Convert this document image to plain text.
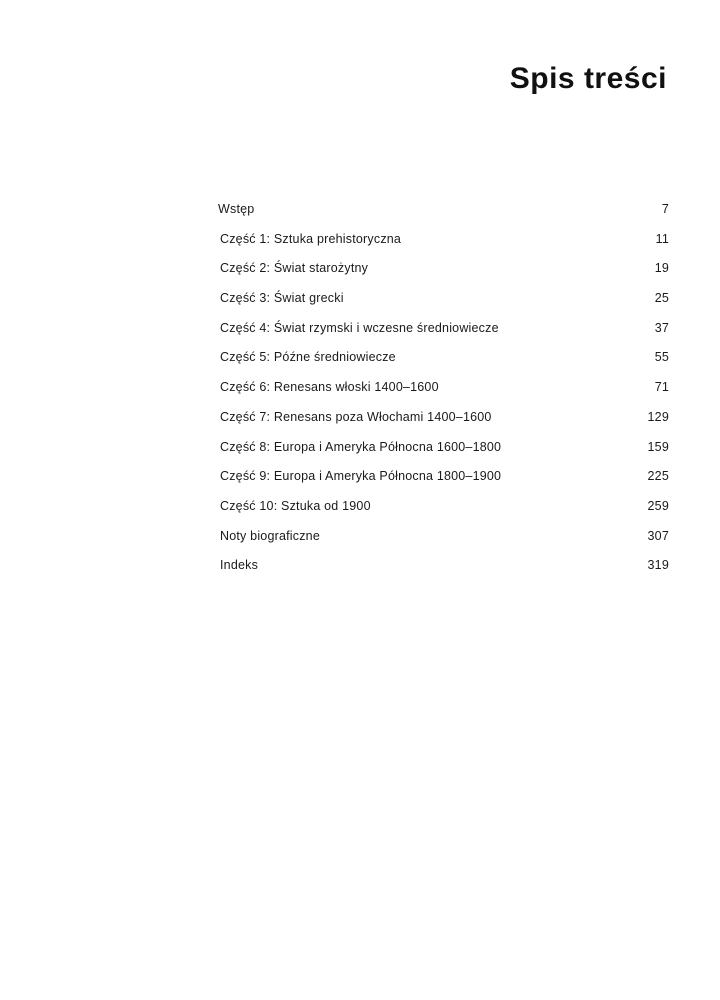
Spis treści
Wstęp	7
Część 1: Sztuka prehistoryczna	11
Część 2: Świat starożytny	19
Część 3: Świat grecki	25
Część 4: Świat rzymski i wczesne średniowiecze	37
Część 5: Późne średniowiecze	55
Część 6: Renesans włoski 1400–1600	71
Część 7: Renesans poza Włochami 1400–1600	129
Część 8: Europa i Ameryka Północna 1600–1800	159
Część 9: Europa i Ameryka Północna 1800–1900	225
Część 10: Sztuka od 1900	259
Noty biograficzne	307
Indeks	319
